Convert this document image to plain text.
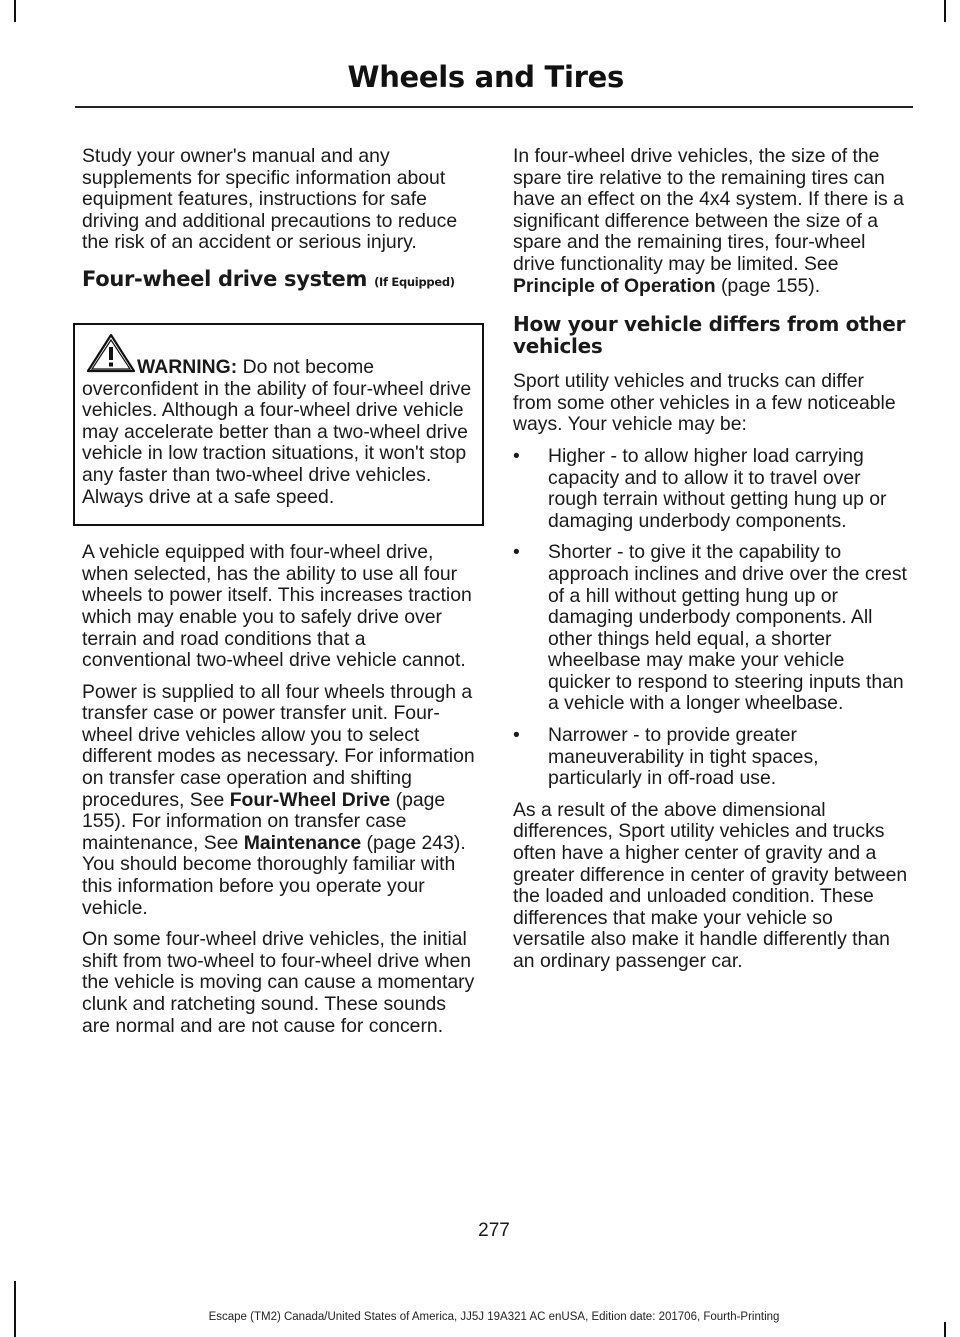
Wheels and Tires

Study your owner's manual and any supplements for specific information about equipment features, instructions for safe driving and additional precautions to reduce the risk of an accident or serious injury.

Four-wheel drive system (If Equipped)

WARNING: Do not become overconfident in the ability of four-wheel drive vehicles. Although a four-wheel drive vehicle may accelerate better than a two-wheel drive vehicle in low traction situations, it won't stop any faster than two-wheel drive vehicles. Always drive at a safe speed.

A vehicle equipped with four-wheel drive, when selected, has the ability to use all four wheels to power itself. This increases traction which may enable you to safely drive over terrain and road conditions that a conventional two-wheel drive vehicle cannot.

Power is supplied to all four wheels through a transfer case or power transfer unit. Four-wheel drive vehicles allow you to select different modes as necessary. For information on transfer case operation and shifting procedures, See Four-Wheel Drive (page 155). For information on transfer case maintenance, See Maintenance (page 243). You should become thoroughly familiar with this information before you operate your vehicle.

On some four-wheel drive vehicles, the initial shift from two-wheel to four-wheel drive when the vehicle is moving can cause a momentary clunk and ratcheting sound. These sounds are normal and are not cause for concern.

In four-wheel drive vehicles, the size of the spare tire relative to the remaining tires can have an effect on the 4x4 system. If there is a significant difference between the size of a spare and the remaining tires, four-wheel drive functionality may be limited. See Principle of Operation (page 155).

How your vehicle differs from other vehicles

Sport utility vehicles and trucks can differ from some other vehicles in a few noticeable ways. Your vehicle may be:

• Higher - to allow higher load carrying capacity and to allow it to travel over rough terrain without getting hung up or damaging underbody components.
• Shorter - to give it the capability to approach inclines and drive over the crest of a hill without getting hung up or damaging underbody components. All other things held equal, a shorter wheelbase may make your vehicle quicker to respond to steering inputs than a vehicle with a longer wheelbase.
• Narrower - to provide greater maneuverability in tight spaces, particularly in off-road use.

As a result of the above dimensional differences, Sport utility vehicles and trucks often have a higher center of gravity and a greater difference in center of gravity between the loaded and unloaded condition. These differences that make your vehicle so versatile also make it handle differently than an ordinary passenger car.

277
Escape (TM2) Canada/United States of America, JJ5J 19A321 AC enUSA, Edition date: 201706, Fourth-Printing
